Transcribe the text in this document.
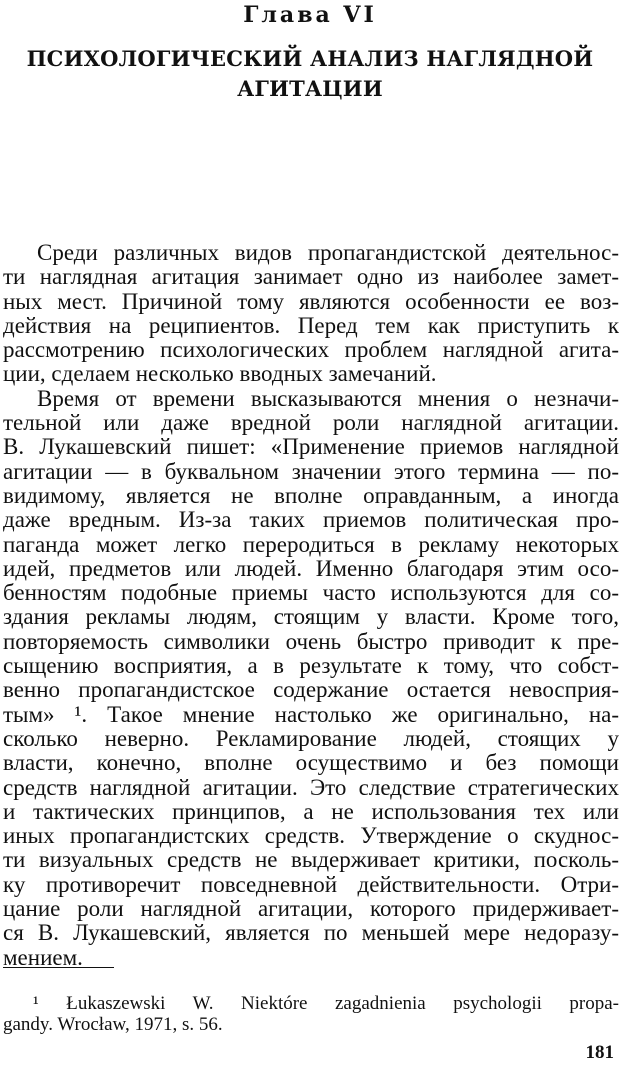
Глава VI
ПСИХОЛОГИЧЕСКИЙ АНАЛИЗ НАГЛЯДНОЙ
АГИТАЦИИ
Среди различных видов пропагандистской деятельнос-
ти наглядная агитация занимает одно из наиболее замет-
ных мест. Причиной тому являются особенности ее воз-
действия на реципиентов. Перед тем как приступить к
рассмотрению психологических проблем наглядной агита-
ции, сделаем несколько вводных замечаний.
Время от времени высказываются мнения о незначи-
тельной или даже вредной роли наглядной агитации.
В. Лукашевский пишет: «Применение приемов наглядной
агитации — в буквальном значении этого термина — по-
видимому, является не вполне оправданным, а иногда
даже вредным. Из-за таких приемов политическая про-
паганда может легко переродиться в рекламу некоторых
идей, предметов или людей. Именно благодаря этим осо-
бенностям подобные приемы часто используются для со-
здания рекламы людям, стоящим у власти. Кроме того,
повторяемость символики очень быстро приводит к пре-
сыщению восприятия, а в результате к тому, что собст-
венно пропагандистское содержание остается невосприя-
тым» ¹. Такое мнение настолько же оригинально, на-
сколько неверно. Рекламирование людей, стоящих у
власти, конечно, вполне осуществимо и без помощи
средств наглядной агитации. Это следствие стратегических
и тактических принципов, а не использования тех или
иных пропагандистских средств. Утверждение о скуднос-
ти визуальных средств не выдерживает критики, посколь-
ку противоречит повседневной действительности. Отри-
цание роли наглядной агитации, которого придерживает-
ся В. Лукашевский, является по меньшей мере недоразу-
мением.
¹ Łukaszewski W. Niektóre zagadnienia psychologii propa-
gandy. Wrocław, 1971, s. 56.
181
